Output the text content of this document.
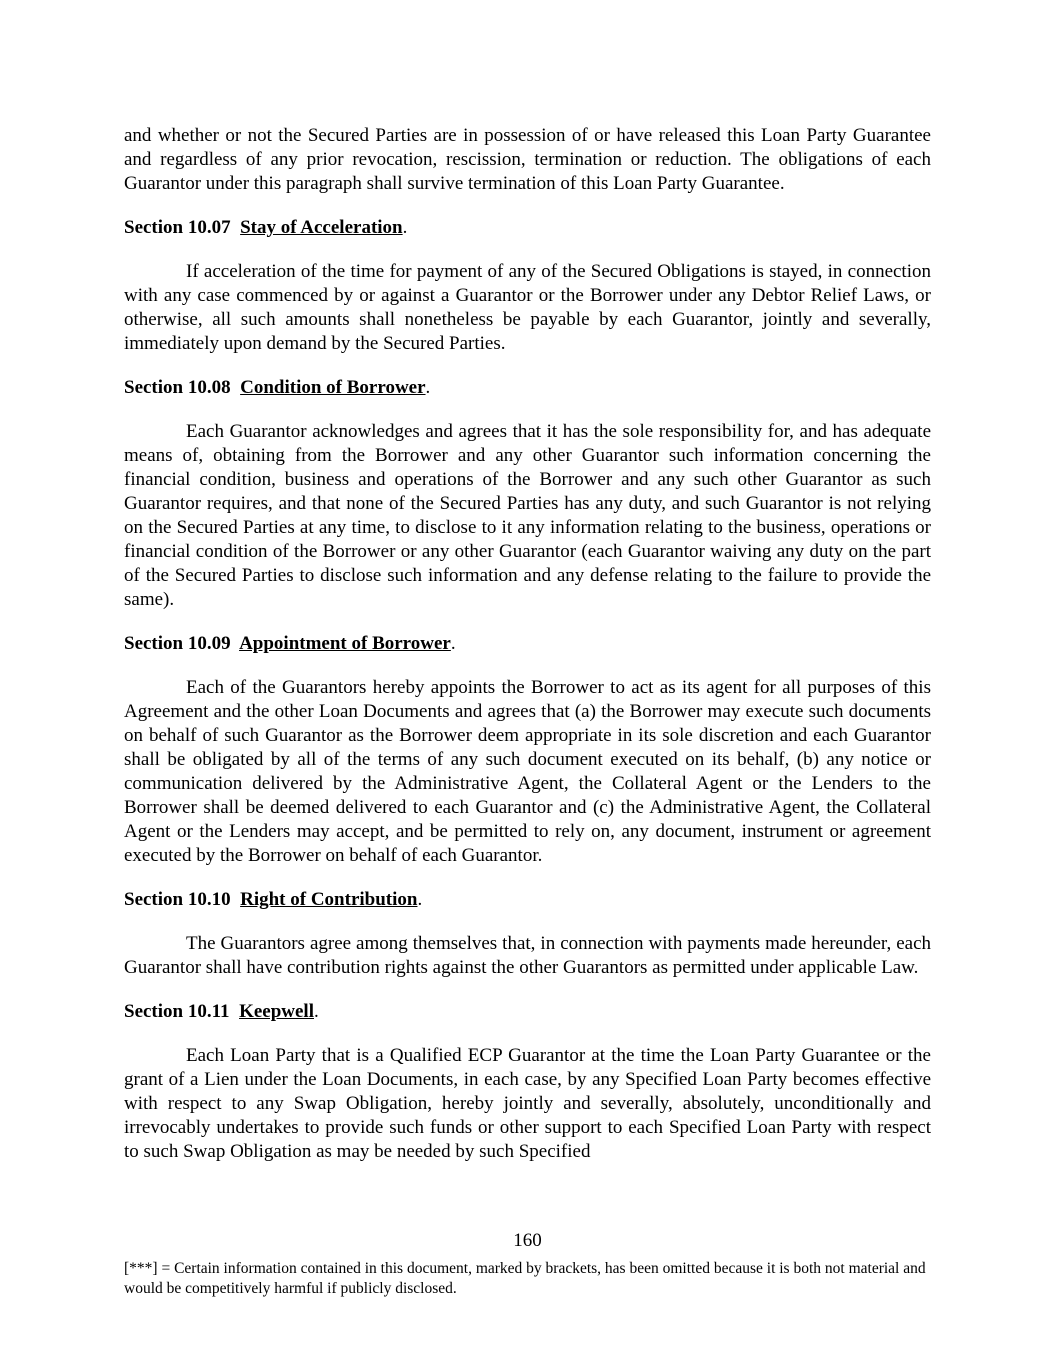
and whether or not the Secured Parties are in possession of or have released this Loan Party Guarantee and regardless of any prior revocation, rescission, termination or reduction. The obligations of each Guarantor under this paragraph shall survive termination of this Loan Party Guarantee.

Section 10.07 Stay of Acceleration.

If acceleration of the time for payment of any of the Secured Obligations is stayed, in connection with any case commenced by or against a Guarantor or the Borrower under any Debtor Relief Laws, or otherwise, all such amounts shall nonetheless be payable by each Guarantor, jointly and severally, immediately upon demand by the Secured Parties.

Section 10.08 Condition of Borrower.

Each Guarantor acknowledges and agrees that it has the sole responsibility for, and has adequate means of, obtaining from the Borrower and any other Guarantor such information concerning the financial condition, business and operations of the Borrower and any such other Guarantor as such Guarantor requires, and that none of the Secured Parties has any duty, and such Guarantor is not relying on the Secured Parties at any time, to disclose to it any information relating to the business, operations or financial condition of the Borrower or any other Guarantor (each Guarantor waiving any duty on the part of the Secured Parties to disclose such information and any defense relating to the failure to provide the same).

Section 10.09 Appointment of Borrower.

Each of the Guarantors hereby appoints the Borrower to act as its agent for all purposes of this Agreement and the other Loan Documents and agrees that (a) the Borrower may execute such documents on behalf of such Guarantor as the Borrower deem appropriate in its sole discretion and each Guarantor shall be obligated by all of the terms of any such document executed on its behalf, (b) any notice or communication delivered by the Administrative Agent, the Collateral Agent or the Lenders to the Borrower shall be deemed delivered to each Guarantor and (c) the Administrative Agent, the Collateral Agent or the Lenders may accept, and be permitted to rely on, any document, instrument or agreement executed by the Borrower on behalf of each Guarantor.

Section 10.10 Right of Contribution.

The Guarantors agree among themselves that, in connection with payments made hereunder, each Guarantor shall have contribution rights against the other Guarantors as permitted under applicable Law.

Section 10.11 Keepwell.

Each Loan Party that is a Qualified ECP Guarantor at the time the Loan Party Guarantee or the grant of a Lien under the Loan Documents, in each case, by any Specified Loan Party becomes effective with respect to any Swap Obligation, hereby jointly and severally, absolutely, unconditionally and irrevocably undertakes to provide such funds or other support to each Specified Loan Party with respect to such Swap Obligation as may be needed by such Specified

160
[***] = Certain information contained in this document, marked by brackets, has been omitted because it is both not material and would be competitively harmful if publicly disclosed.
